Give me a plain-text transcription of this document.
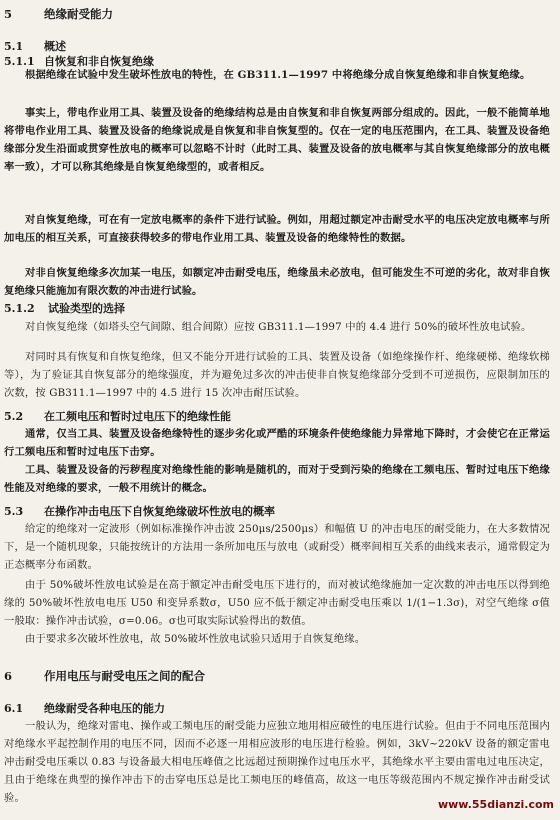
5	绝缘耐受能力
5.1 概述
5.1.1 自恢复和非自恢复绝缘
根据绝缘在试验中发生破坏性放电的特性，在 GB311.1—1997 中将绝缘分成自恢复绝缘和非自恢复绝缘。
事实上，带电作业用工具、装置及设备的绝缘结构总是由自恢复和非自恢复两部分组成的。因此，一般不能简单地将带电作业用工具、装置及设备的绝缘说成是自恢复和非自恢复型的。仅在一定的电压范围内，在工具、装置及设备绝缘部分发生沿面或贯穿性放电的概率可以忽略不计时（此时工具、装置及设备的放电概率与其自恢复绝缘部分的放电概率一致），才可以称其绝缘是自恢复绝缘型的，或者相反。
对自恢复绝缘，可在有一定放电概率的条件下进行试验。例如，用超过额定冲击耐受水平的电压决定放电概率与所加电压的相互关系，可直接获得较多的带电作业用工具、装置及设备的绝缘特性的数据。
对非自恢复绝缘多次加某一电压，如额定冲击耐受电压，绝缘虽未必放电，但可能发生不可逆的劣化，故对非自恢复绝缘只能施加有限次数的冲击进行试验。
5.1.2 试验类型的选择
对自恢复绝缘（如塔头空气间隙、组合间隙）应按 GB311.1—1997 中的 4.4 进行 50%的破坏性放电试验。
对同时具有恢复和自恢复绝缘，但又不能分开进行试验的工具、装置及设备（如绝缘操作杆、绝缘硬梯、绝缘软梯等），为了验证其自恢复部分的绝缘强度，并为避免过多次的冲击使非自恢复绝缘部分受到不可逆损伤，应限制加压的次数，按 GB311.1—1997 中的 4.5 进行 15 次冲击耐压试验。
5.2 在工频电压和暂时过电压下的绝缘性能
通常，仅当工具、装置及设备绝缘特性的逐步劣化或严酷的环境条件使绝缘能力异常地下降时，才会使它在正常运行工频电压和暂时过电压下击穿。
工具、装置及设备的污秽程度对绝缘性能的影响是随机的，而对于受到污染的绝缘在工频电压、暂时过电压下绝缘性能及对绝缘的要求，一般不用统计的概念。
5.3 在操作冲击电压下自恢复绝缘破坏性放电的概率
给定的绝缘对一定波形（例如标准操作冲击波 250μs/2500μs）和幅值 U 的冲击电压的耐受能力，在大多数情况下，是一个随机现象，只能按统计的方法用一条所加电压与放电（或耐受）概率间相互关系的曲线来表示，通常假定为正态概率分布函数。
由于 50%破坏性放电试验是在高于额定冲击耐受电压下进行的，而对被试绝缘施加一定次数的冲击电压以得到绝缘的 50%破坏性放电电压 U50 和变异系数σ，U50 应不低于额定冲击耐受电压乘以 1/(1−1.3σ)，对空气绝缘 σ值一般取：操作冲击试验，σ=0.06。σ也可取实际试验得出的数值。
由于要求多次破坏性放电，故 50%破坏性放电试验只适用于自恢复绝缘。
6	作用电压与耐受电压之间的配合
6.1 绝缘耐受各种电压的能力
一般认为，绝缘对雷电、操作或工频电压的耐受能力应独立地用相应破性的电压进行试验。但由于不同电压范围内对绝缘水平起控制作用的电压不同，因而不必逐一用相应波形的电压进行检验。例如，3kV~220kV 设备的额定雷电冲击耐受电压乘以 0.83 与设备最大相电压峰值之比远超过预期操作过电压水平，其绝缘水平主要由雷电过电压决定，且由于绝缘在典型的操作冲击下的击穿电压总是比工频电压的峰值高，故这一电压等级范围内不规定操作冲击耐受试验。	www.55dianzi.com
